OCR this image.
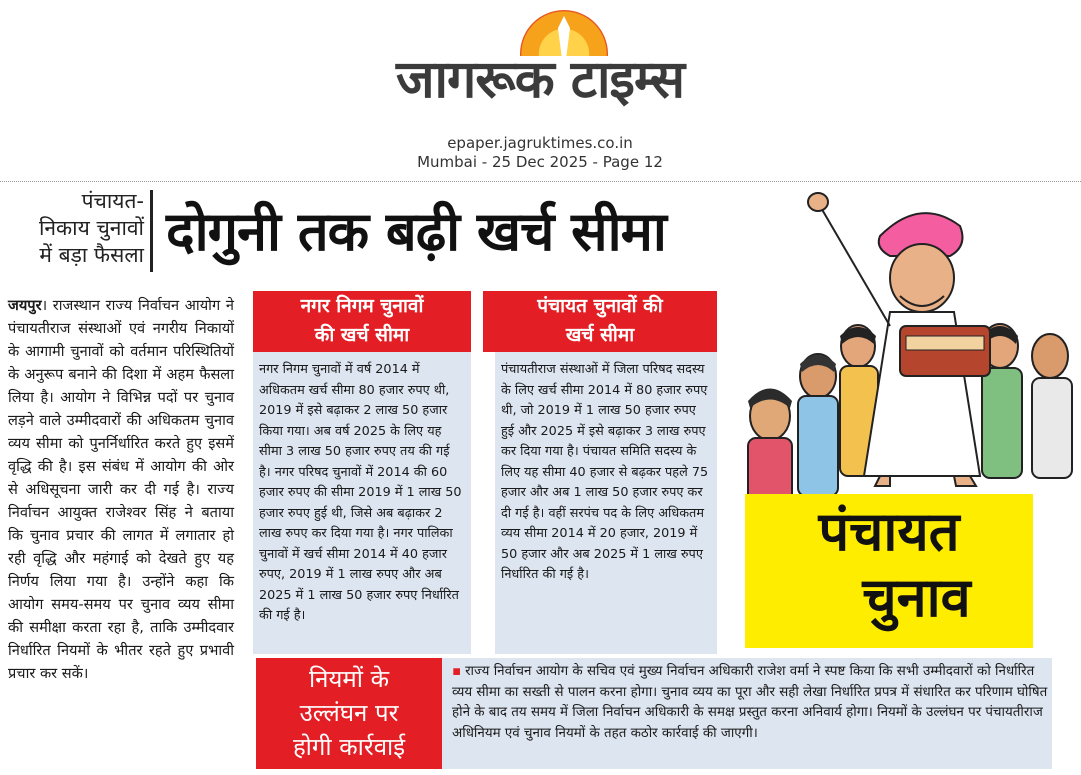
जागरूक टाइम्स
epaper.jagruktimes.co.in
Mumbai - 25 Dec 2025 - Page 12
पंचायत-
निकाय चुनावों
में बड़ा फैसला दोगुनी तक बढ़ी खर्च सीमा
जयपुर। राजस्थान राज्य निर्वाचन आयोग ने पंचायतीराज संस्थाओं एवं नगरीय निकायों के आगामी चुनावों को वर्तमान परिस्थितियों के अनुरूप बनाने की दिशा में अहम फैसला लिया है। आयोग ने विभिन्न पदों पर चुनाव लड़ने वाले उम्मीदवारों की अधिकतम चुनाव व्यय सीमा को पुनर्निर्धारित करते हुए इसमें वृद्धि की है। इस संबंध में आयोग की ओर से अधिसूचना जारी कर दी गई है। राज्य निर्वाचन आयुक्त राजेश्वर सिंह ने बताया कि चुनाव प्रचार की लागत में लगातार हो रही वृद्धि और महंगाई को देखते हुए यह निर्णय लिया गया है। उन्होंने कहा कि आयोग समय-समय पर चुनाव व्यय सीमा की समीक्षा करता रहा है, ताकि उम्मीदवार निर्धारित नियमों के भीतर रहते हुए प्रभावी प्रचार कर सकें।
नगर निगम चुनावों
की खर्च सीमा
नगर निगम चुनावों में वर्ष 2014 में अधिकतम खर्च सीमा 80 हजार रुपए थी, 2019 में इसे बढ़ाकर 2 लाख 50 हजार किया गया। अब वर्ष 2025 के लिए यह सीमा 3 लाख 50 हजार रुपए तय की गई है। नगर परिषद चुनावों में 2014 की 60 हजार रुपए की सीमा 2019 में 1 लाख 50 हजार रुपए हुई थी, जिसे अब बढ़ाकर 2 लाख रुपए कर दिया गया है। नगर पालिका चुनावों में खर्च सीमा 2014 में 40 हजार रुपए, 2019 में 1 लाख रुपए और अब 2025 में 1 लाख 50 हजार रुपए निर्धारित की गई है।
पंचायत चुनावों की
खर्च सीमा
पंचायतीराज संस्थाओं में जिला परिषद सदस्य के लिए खर्च सीमा 2014 में 80 हजार रुपए थी, जो 2019 में 1 लाख 50 हजार रुपए हुई और 2025 में इसे बढ़ाकर 3 लाख रुपए कर दिया गया है। पंचायत समिति सदस्य के लिए यह सीमा 40 हजार से बढ़कर पहले 75 हजार और अब 1 लाख 50 हजार रुपए कर दी गई है। वहीं सरपंच पद के लिए अधिकतम व्यय सीमा 2014 में 20 हजार, 2019 में 50 हजार और अब 2025 में 1 लाख रुपए निर्धारित की गई है।
पंचायत
चुनाव
नियमों के
उल्लंघन पर
होगी कार्रवाई
▪ राज्य निर्वाचन आयोग के सचिव एवं मुख्य निर्वाचन अधिकारी राजेश वर्मा ने स्पष्ट किया कि सभी उम्मीदवारों को निर्धारित व्यय सीमा का सख्ती से पालन करना होगा। चुनाव व्यय का पूरा और सही लेखा निर्धारित प्रपत्र में संधारित कर परिणाम घोषित होने के बाद तय समय में जिला निर्वाचन अधिकारी के समक्ष प्रस्तुत करना अनिवार्य होगा। नियमों के उल्लंघन पर पंचायतीराज अधिनियम एवं चुनाव नियमों के तहत कठोर कार्रवाई की जाएगी।
